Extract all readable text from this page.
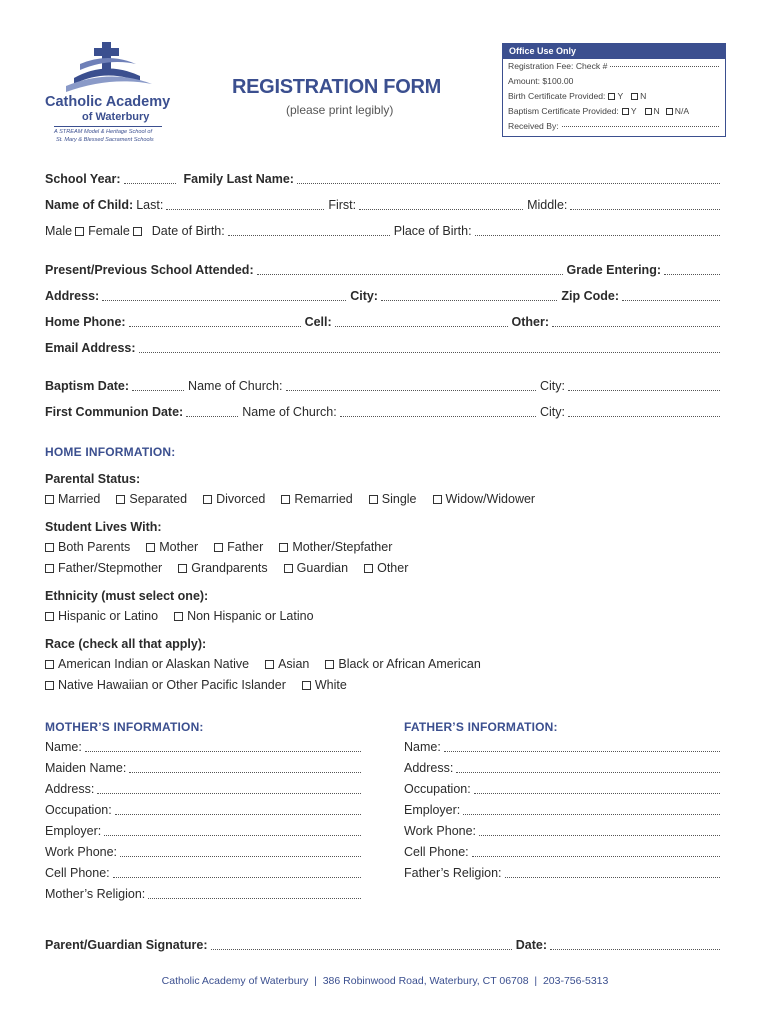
Catholic Academy
of Waterbury
A STREAM Model & Heritage School of
St. Mary & Blessed Sacrament Schools
REGISTRATION FORM
(please print legibly)
Office Use Only
Registration Fee: Check #
Amount: $100.00
Birth Certificate Provided: Y N
Baptism Certificate Provided: Y N N/A
Received By:
School Year:	Family Last Name:
Name of Child: Last:	First:	Middle:
Male Female Date of Birth:	Place of Birth:
Present/Previous School Attended:	Grade Entering:
Address:	City:	Zip Code:
Home Phone:	Cell:	Other:
Email Address:
Baptism Date:	Name of Church:	City:
First Communion Date:	Name of Church:	City:
HOME INFORMATION:
Parental Status:
Married Separated Divorced Remarried Single Widow/Widower
Student Lives With:
Both Parents Mother Father Mother/Stepfather
Father/Stepmother Grandparents Guardian Other
Ethnicity (must select one):
Hispanic or Latino Non Hispanic or Latino
Race (check all that apply):
American Indian or Alaskan Native Asian Black or African American
Native Hawaiian or Other Pacific Islander White
MOTHER’S INFORMATION:	FATHER’S INFORMATION:
Name:
Maiden Name:
Address:
Occupation:
Employer:
Work Phone:
Cell Phone:
Mother’s Religion:
Name:
Address:
Occupation:
Employer:
Work Phone:
Cell Phone:
Father’s Religion:
Parent/Guardian Signature:	Date:
Catholic Academy of Waterbury  |  386 Robinwood Road, Waterbury, CT 06708  |  203-756-5313
